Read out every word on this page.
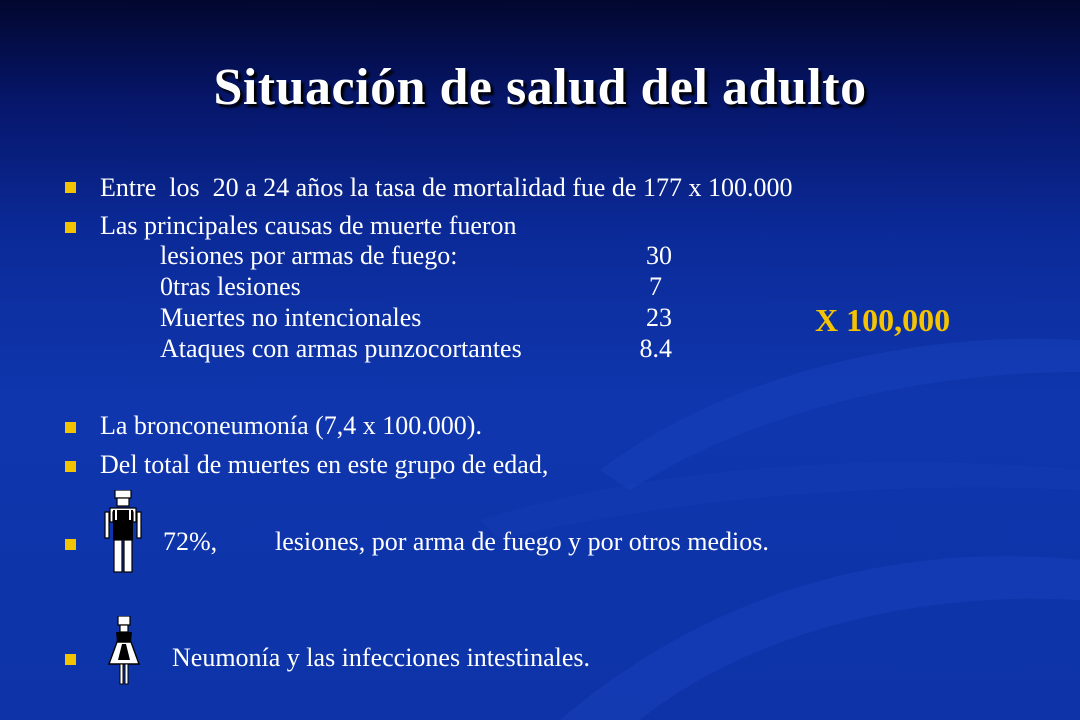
Situación de salud del adulto
Entre  los  20 a 24 años la tasa de mortalidad fue de 177 x 100.000
Las principales causas de muerte fueron
lesiones por armas de fuego:	30
0tras lesiones	7
Muertes no intencionales	23
Ataques con armas punzocortantes	8.4
X 100,000
La bronconeumonía (7,4 x 100.000).
Del total de muertes en este grupo de edad,
72%, lesiones, por arma de fuego y por otros medios.
Neumonía y las infecciones intestinales.
